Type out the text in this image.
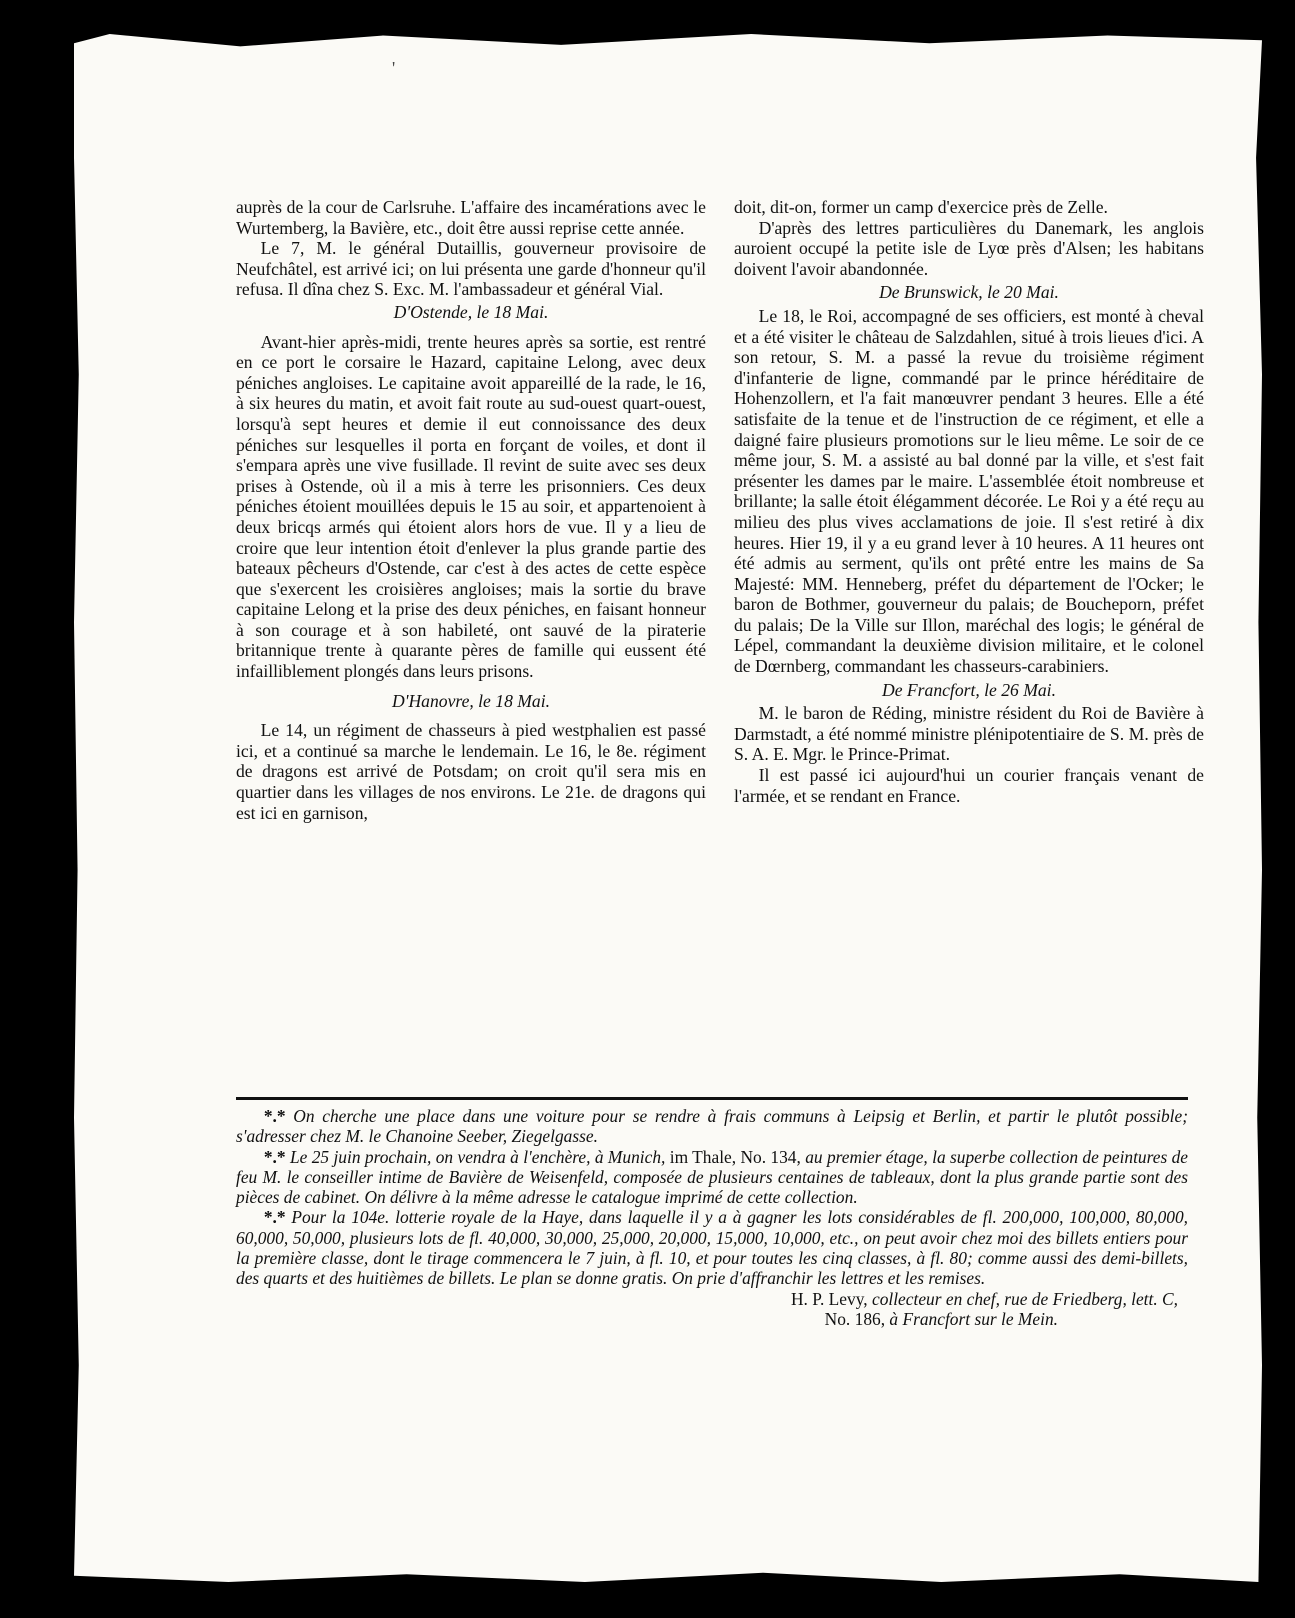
'

auprès de la cour de Carlsruhe. L'affaire des incamérations avec le Wurtemberg, la Bavière, etc., doit être aussi reprise cette année.

Le 7, M. le général Dutaillis, gouverneur provisoire de Neufchâtel, est arrivé ici; on lui présenta une garde d'honneur qu'il refusa. Il dîna chez S. Exc. M. l'ambassadeur et général Vial.

D'Ostende, le 18 Mai.

Avant-hier après-midi, trente heures après sa sortie, est rentré en ce port le corsaire le Hazard, capitaine Lelong, avec deux péniches angloises. Le capitaine avoit appareillé de la rade, le 16, à six heures du matin, et avoit fait route au sud-ouest quart-ouest, lorsqu'à sept heures et demie il eut connoissance des deux péniches sur lesquelles il porta en forçant de voiles, et dont il s'empara après une vive fusillade. Il revint de suite avec ses deux prises à Ostende, où il a mis à terre les prisonniers. Ces deux péniches étoient mouillées depuis le 15 au soir, et appartenoient à deux bricqs armés qui étoient alors hors de vue. Il y a lieu de croire que leur intention étoit d'enlever la plus grande partie des bateaux pêcheurs d'Ostende, car c'est à des actes de cette espèce que s'exercent les croisières angloises; mais la sortie du brave capitaine Lelong et la prise des deux péniches, en faisant honneur à son courage et à son habileté, ont sauvé de la piraterie britannique trente à quarante pères de famille qui eussent été infailliblement plongés dans leurs prisons.

D'Hanovre, le 18 Mai.

Le 14, un régiment de chasseurs à pied westphalien est passé ici, et a continué sa marche le lendemain. Le 16, le 8e. régiment de dragons est arrivé de Potsdam; on croit qu'il sera mis en quartier dans les villages de nos environs. Le 21e. de dragons qui est ici en garnison,

doit, dit-on, former un camp d'exercice près de Zelle.

D'après des lettres particulières du Danemark, les anglois auroient occupé la petite isle de Lyœ près d'Alsen; les habitans doivent l'avoir abandonnée.

De Brunswick, le 20 Mai.

Le 18, le Roi, accompagné de ses officiers, est monté à cheval et a été visiter le château de Salzdahlen, situé à trois lieues d'ici. A son retour, S. M. a passé la revue du troisième régiment d'infanterie de ligne, commandé par le prince héréditaire de Hohenzollern, et l'a fait manœuvrer pendant 3 heures. Elle a été satisfaite de la tenue et de l'instruction de ce régiment, et elle a daigné faire plusieurs promotions sur le lieu même. Le soir de ce même jour, S. M. a assisté au bal donné par la ville, et s'est fait présenter les dames par le maire. L'assemblée étoit nombreuse et brillante; la salle étoit élégamment décorée. Le Roi y a été reçu au milieu des plus vives acclamations de joie. Il s'est retiré à dix heures. Hier 19, il y a eu grand lever à 10 heures. A 11 heures ont été admis au serment, qu'ils ont prêté entre les mains de Sa Majesté: MM. Henneberg, préfet du département de l'Ocker; le baron de Bothmer, gouverneur du palais; de Boucheporn, préfet du palais; De la Ville sur Illon, maréchal des logis; le général de Lépel, commandant la deuxième division militaire, et le colonel de Dœrnberg, commandant les chasseurs-carabiniers.

De Francfort, le 26 Mai.

M. le baron de Réding, ministre résident du Roi de Bavière à Darmstadt, a été nommé ministre plénipotentiaire de S. M. près de S. A. E. Mgr. le Prince-Primat.

Il est passé ici aujourd'hui un courier français venant de l'armée, et se rendant en France.

*.* On cherche une place dans une voiture pour se rendre à frais communs à Leipsig et Berlin, et partir le plutôt possible; s'adresser chez M. le Chanoine Seeber, Ziegelgasse.

*.* Le 25 juin prochain, on vendra à l'enchère, à Munich, im Thale, No. 134, au premier étage, la superbe collection de peintures de feu M. le conseiller intime de Bavière de Weisenfeld, composée de plusieurs centaines de tableaux, dont la plus grande partie sont des pièces de cabinet. On délivre à la même adresse le catalogue imprimé de cette collection.

*.* Pour la 104e. lotterie royale de la Haye, dans laquelle il y a à gagner les lots considérables de fl. 200,000, 100,000, 80,000, 60,000, 50,000, plusieurs lots de fl. 40,000, 30,000, 25,000, 20,000, 15,000, 10,000, etc., on peut avoir chez moi des billets entiers pour la première classe, dont le tirage commencera le 7 juin, à fl. 10, et pour toutes les cinq classes, à fl. 80; comme aussi des demi-billets, des quarts et des huitièmes de billets. Le plan se donne gratis. On prie d'affranchir les lettres et les remises.

H. P. Levy, collecteur en chef, rue de Friedberg, lett. C,

No. 186, à Francfort sur le Mein.
